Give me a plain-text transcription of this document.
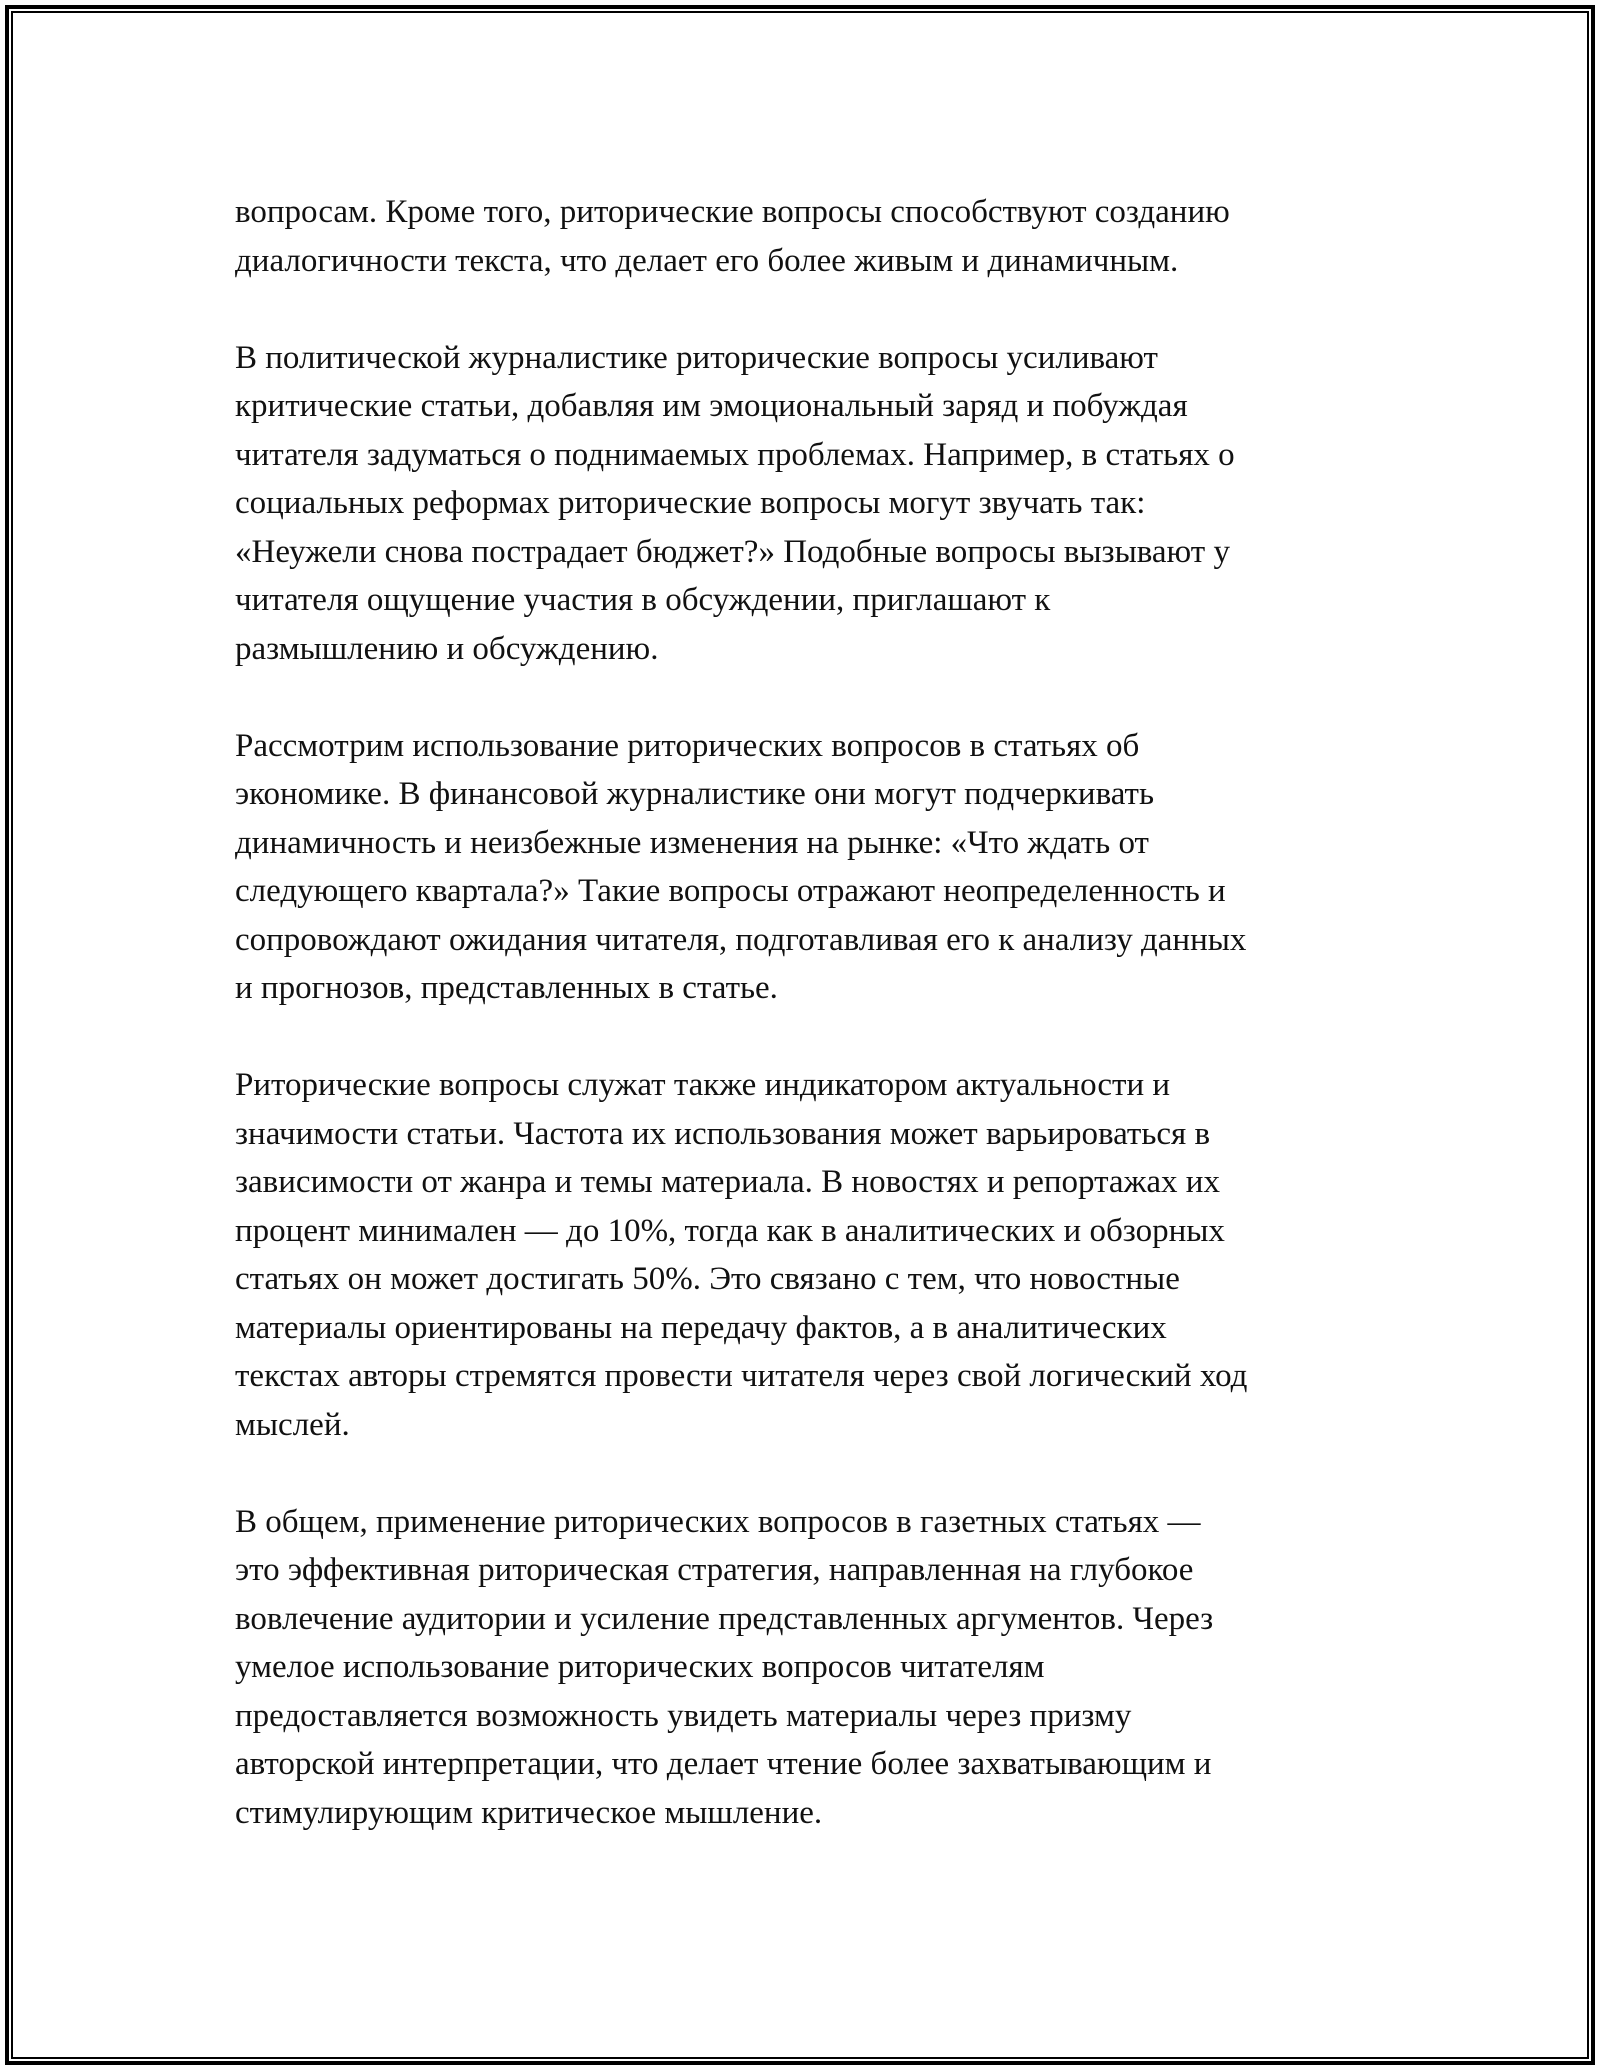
вопросам. Кроме того, риторические вопросы способствуют созданию
диалогичности текста, что делает его более живым и динамичным.

В политической журналистике риторические вопросы усиливают
критические статьи, добавляя им эмоциональный заряд и побуждая
читателя задуматься о поднимаемых проблемах. Например, в статьях о
социальных реформах риторические вопросы могут звучать так:
«Неужели снова пострадает бюджет?» Подобные вопросы вызывают у
читателя ощущение участия в обсуждении, приглашают к
размышлению и обсуждению.

Рассмотрим использование риторических вопросов в статьях об
экономике. В финансовой журналистике они могут подчеркивать
динамичность и неизбежные изменения на рынке: «Что ждать от
следующего квартала?» Такие вопросы отражают неопределенность и
сопровождают ожидания читателя, подготавливая его к анализу данных
и прогнозов, представленных в статье.

Риторические вопросы служат также индикатором актуальности и
значимости статьи. Частота их использования может варьироваться в
зависимости от жанра и темы материала. В новостях и репортажах их
процент минимален — до 10%, тогда как в аналитических и обзорных
статьях он может достигать 50%. Это связано с тем, что новостные
материалы ориентированы на передачу фактов, а в аналитических
текстах авторы стремятся провести читателя через свой логический ход
мыслей.

В общем, применение риторических вопросов в газетных статьях —
это эффективная риторическая стратегия, направленная на глубокое
вовлечение аудитории и усиление представленных аргументов. Через
умелое использование риторических вопросов читателям
предоставляется возможность увидеть материалы через призму
авторской интерпретации, что делает чтение более захватывающим и
стимулирующим критическое мышление.
